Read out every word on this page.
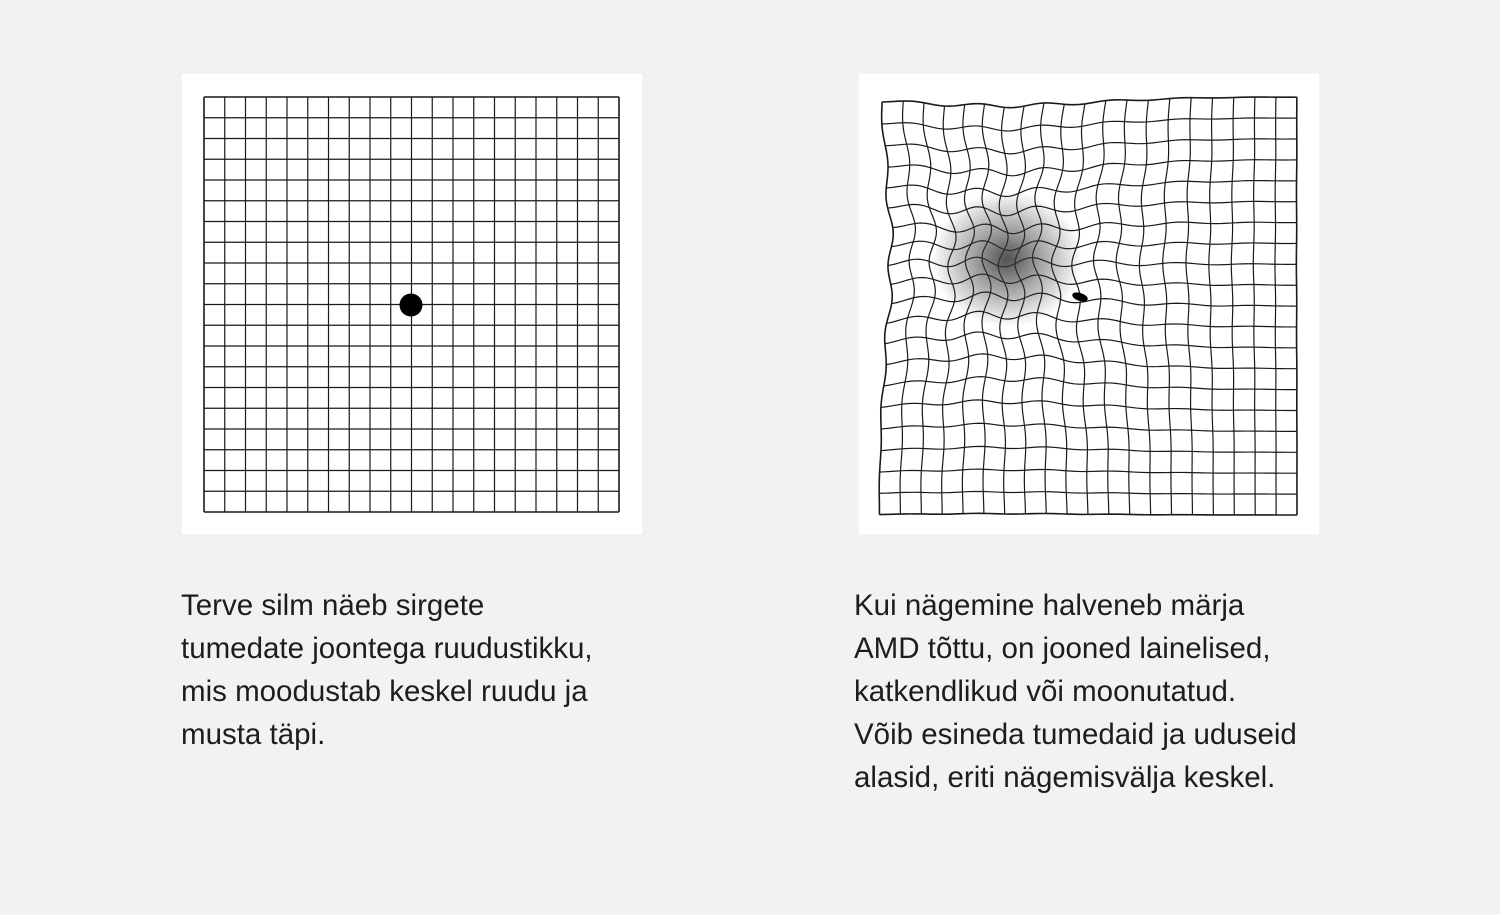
Terve silm näeb sirgete
tumedate joontega ruudustikku,
mis moodustab keskel ruudu ja
musta täpi.

Kui nägemine halveneb märja
AMD tõttu, on jooned lainelised,
katkendlikud või moonutatud.
Võib esineda tumedaid ja uduseid
alasid, eriti nägemisvälja keskel.
